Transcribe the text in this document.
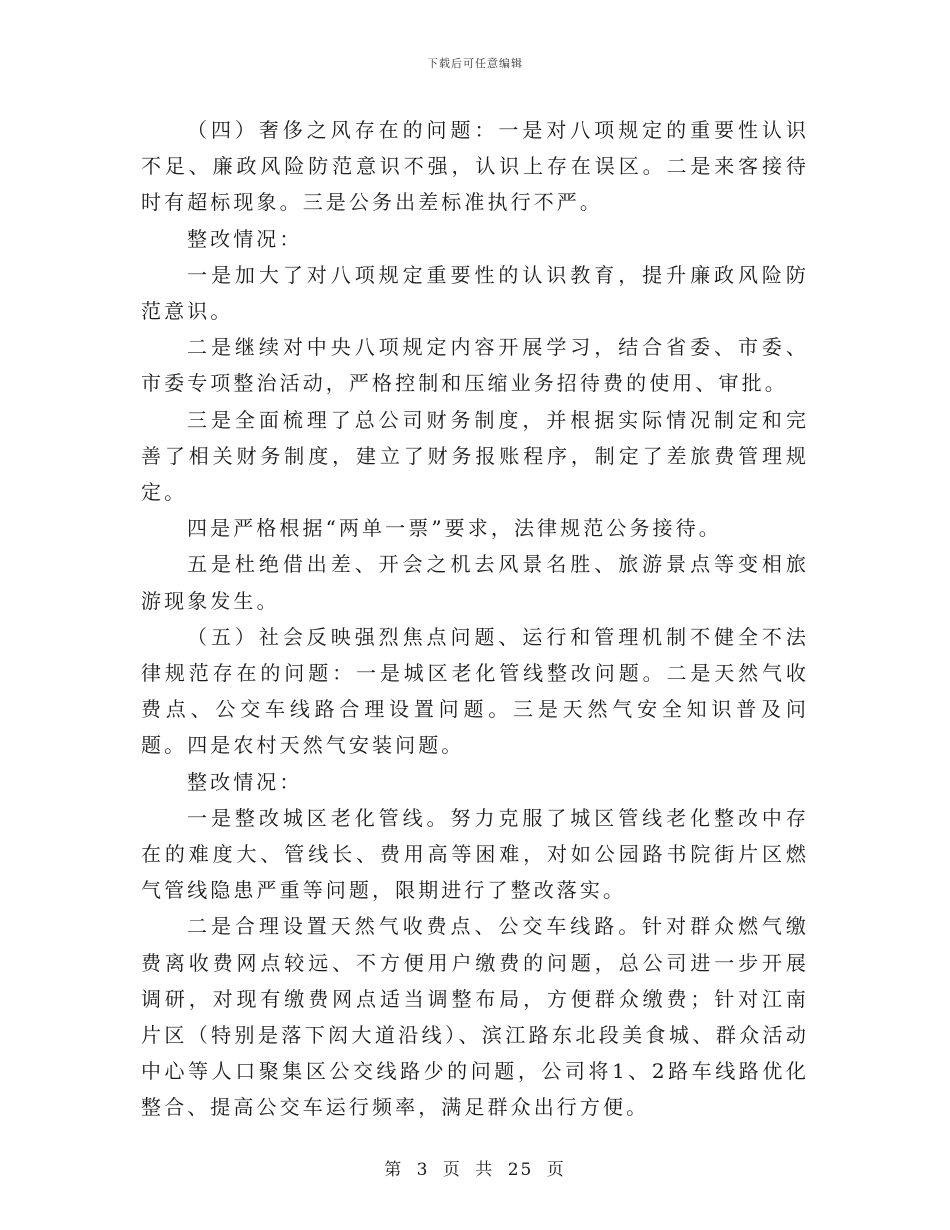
下载后可任意编辑

（四）奢侈之风存在的问题：一是对八项规定的重要性认识不足、廉政风险防范意识不强，认识上存在误区。二是来客接待时有超标现象。三是公务出差标准执行不严。

整改情况：

一是加大了对八项规定重要性的认识教育，提升廉政风险防范意识。

二是继续对中央八项规定内容开展学习，结合省委、市委、市委专项整治活动，严格控制和压缩业务招待费的使用、审批。

三是全面梳理了总公司财务制度，并根据实际情况制定和完善了相关财务制度，建立了财务报账程序，制定了差旅费管理规定。

四是严格根据“两单一票”要求，法律规范公务接待。

五是杜绝借出差、开会之机去风景名胜、旅游景点等变相旅游现象发生。

（五）社会反映强烈焦点问题、运行和管理机制不健全不法律规范存在的问题：一是城区老化管线整改问题。二是天然气收费点、公交车线路合理设置问题。三是天然气安全知识普及问题。四是农村天然气安装问题。

整改情况：

一是整改城区老化管线。努力克服了城区管线老化整改中存在的难度大、管线长、费用高等困难，对如公园路书院街片区燃气管线隐患严重等问题，限期进行了整改落实。

二是合理设置天然气收费点、公交车线路。针对群众燃气缴费离收费网点较远、不方便用户缴费的问题，总公司进一步开展调研，对现有缴费网点适当调整布局，方便群众缴费；针对江南片区（特别是落下闳大道沿线）、滨江路东北段美食城、群众活动中心等人口聚集区公交线路少的问题，公司将1、2路车线路优化整合、提高公交车运行频率，满足群众出行方便。

第 3 页 共 25 页
